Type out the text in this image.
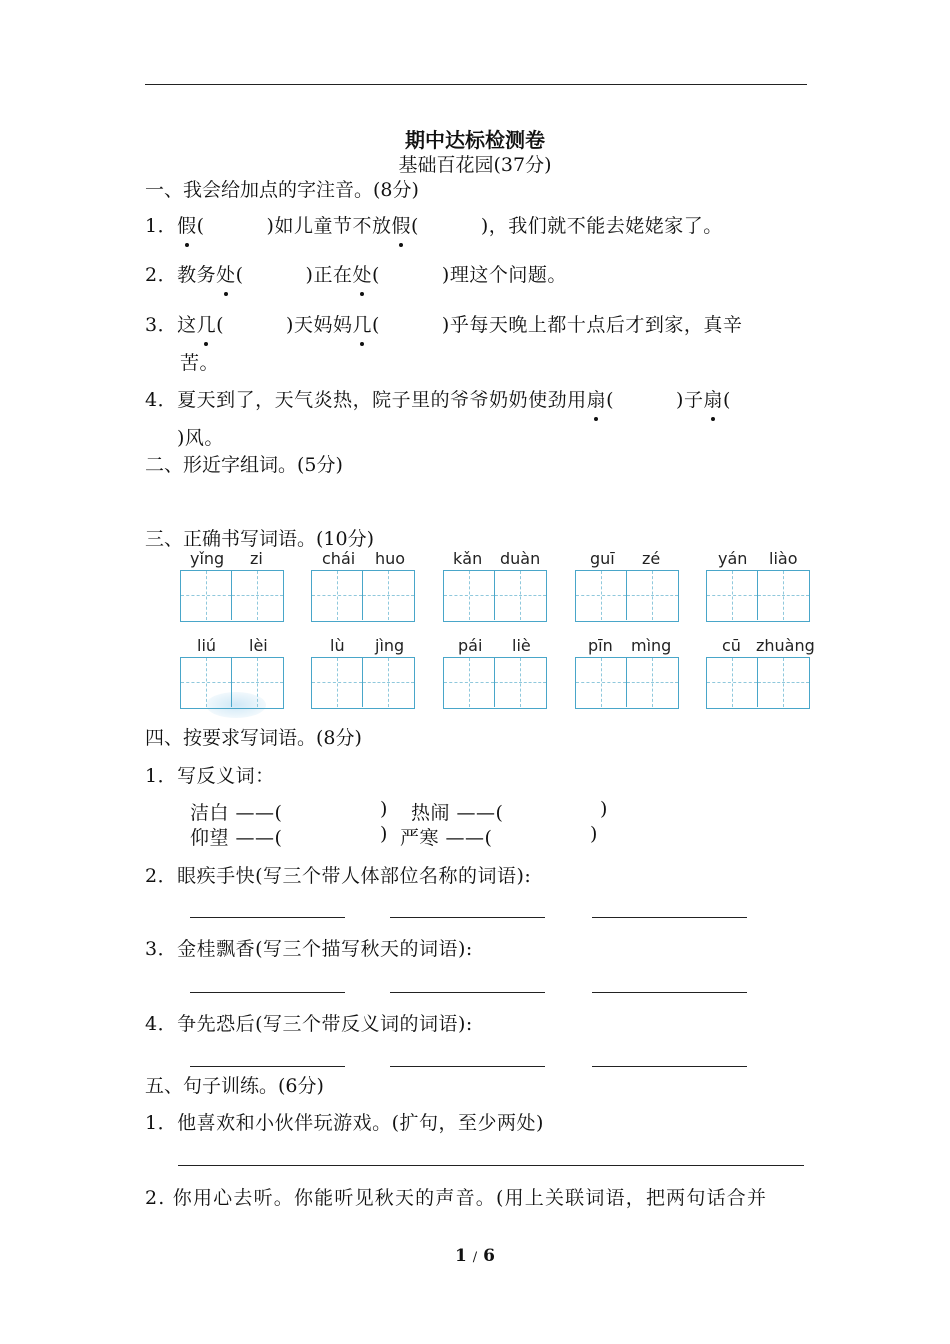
期中达标检测卷
基础百花园(37分)
一、我会给加点的字注音。(8分)
1．假(	)如儿童节不放假(	)，我们就不能去姥姥家了。
2．教务处(	)正在处(	)理这个问题。
3．这几(	)天妈妈几(	)乎每天晚上都十点后才到家，真辛
苦。
4．夏天到了，天气炎热，院子里的爷爷奶奶使劲用扇(	)子扇(
)风。
二、形近字组词。(5分)
三、正确书写词语。(10分)
yǐng zi	chái huo	kǎn duàn	guī zé	yán liào
liú lèi	lù jìng	pái liè	pīn mìng	cū zhuàng
四、按要求写词语。(8分)
1．写反义词：
洁白 ——(	) 热闹 ——(	)
仰望 ——(	) 严寒 ——(	)
2．眼疾手快(写三个带人体部位名称的词语):
3．金桂飘香(写三个描写秋天的词语):
4．争先恐后(写三个带反义词的词语):
五、句子训练。(6分)
1．他喜欢和小伙伴玩游戏。(扩句，至少两处)
2. 你用心去听。你能听见秋天的声音。(用上关联词语，把两句话合并
1 / 6
